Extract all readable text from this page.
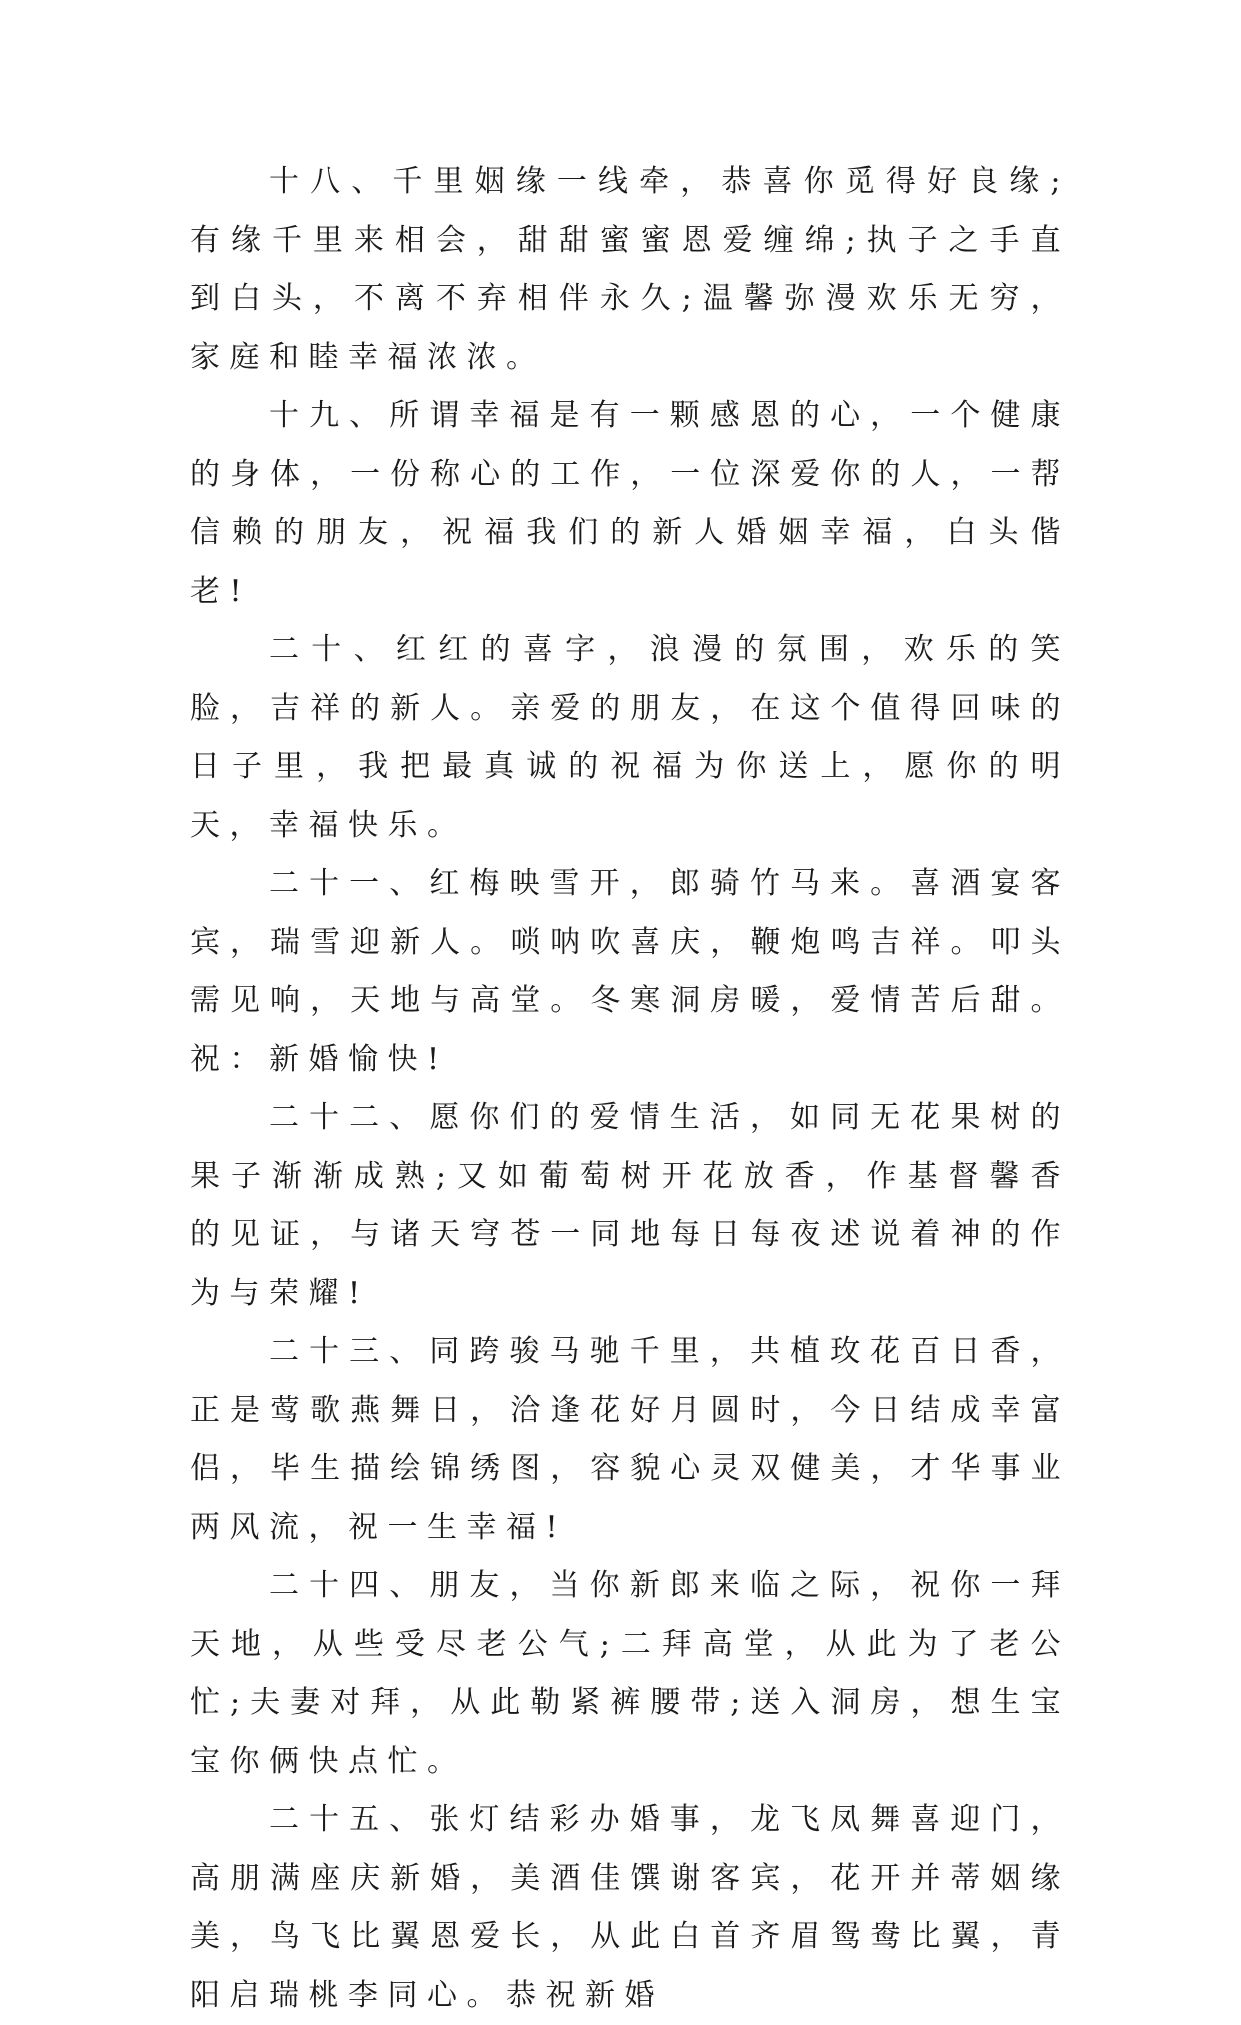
十八、千里姻缘一线牵，恭喜你觅得好良缘;有缘千里来相会，甜甜蜜蜜恩爱缠绵;执子之手直到白头，不离不弃相伴永久;温馨弥漫欢乐无穷，家庭和睦幸福浓浓。

十九、所谓幸福是有一颗感恩的心，一个健康的身体，一份称心的工作，一位深爱你的人，一帮信赖的朋友，祝福我们的新人婚姻幸福，白头偕老!

二十、红红的喜字，浪漫的氛围，欢乐的笑脸，吉祥的新人。亲爱的朋友，在这个值得回味的日子里，我把最真诚的祝福为你送上，愿你的明天，幸福快乐。

二十一、红梅映雪开，郎骑竹马来。喜酒宴客宾，瑞雪迎新人。唢呐吹喜庆，鞭炮鸣吉祥。叩头需见响，天地与高堂。冬寒洞房暖，爱情苦后甜。祝：新婚愉快!

二十二、愿你们的爱情生活，如同无花果树的果子渐渐成熟;又如葡萄树开花放香，作基督馨香的见证，与诸天穹苍一同地每日每夜述说着神的作为与荣耀!

二十三、同跨骏马驰千里，共植玫花百日香，正是莺歌燕舞日，洽逢花好月圆时，今日结成幸富侣，毕生描绘锦绣图，容貌心灵双健美，才华事业两风流，祝一生幸福!

二十四、朋友，当你新郎来临之际，祝你一拜天地，从些受尽老公气;二拜高堂，从此为了老公忙;夫妻对拜，从此勒紧裤腰带;送入洞房，想生宝宝你俩快点忙。

二十五、张灯结彩办婚事，龙飞凤舞喜迎门，高朋满座庆新婚，美酒佳馔谢客宾，花开并蒂姻缘美，鸟飞比翼恩爱长，从此白首齐眉鸳鸯比翼，青阳启瑞桃李同心。恭祝新婚
